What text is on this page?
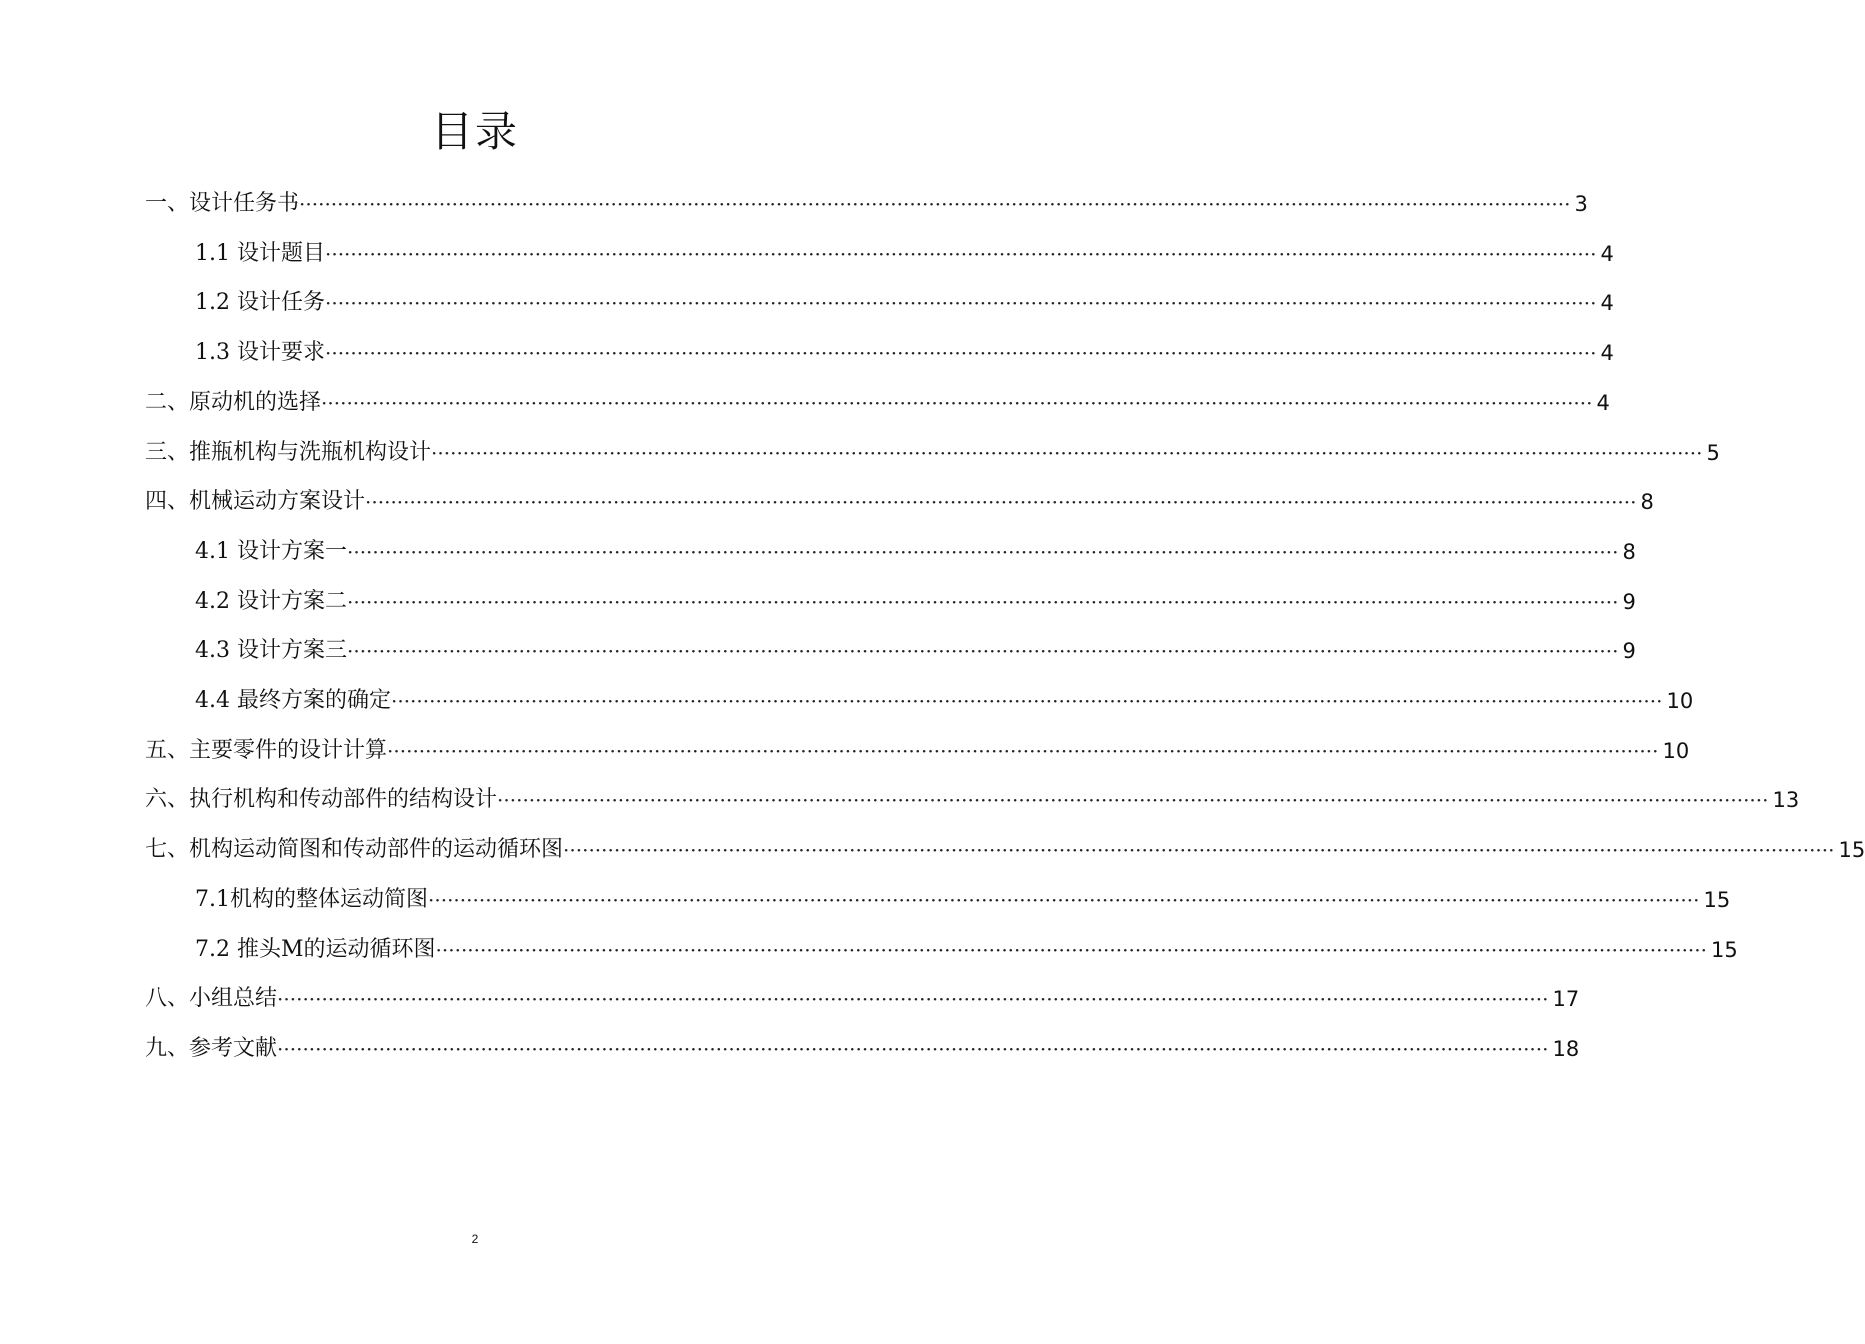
目录
一、设计任务书 ········································································································································································································ 3
1.1 设计题目 ········································································································································································································ 4
1.2 设计任务 ········································································································································································································ 4
1.3 设计要求 ········································································································································································································ 4
二、原动机的选择 ········································································································································································································ 4
三、推瓶机构与洗瓶机构设计 ········································································································································································································ 5
四、机械运动方案设计 ········································································································································································································ 8
4.1 设计方案一 ········································································································································································································ 8
4.2 设计方案二 ········································································································································································································ 9
4.3 设计方案三 ········································································································································································································ 9
4.4 最终方案的确定 ········································································································································································································ 10
五、主要零件的设计计算 ········································································································································································································ 10
六、执行机构和传动部件的结构设计 ········································································································································································································ 13
七、机构运动简图和传动部件的运动循环图 ········································································································································································································ 15
7.1机构的整体运动简图 ········································································································································································································ 15
7.2 推头M的运动循环图 ········································································································································································································ 15
八、小组总结 ········································································································································································································ 17
九、参考文献 ········································································································································································································ 18
2
